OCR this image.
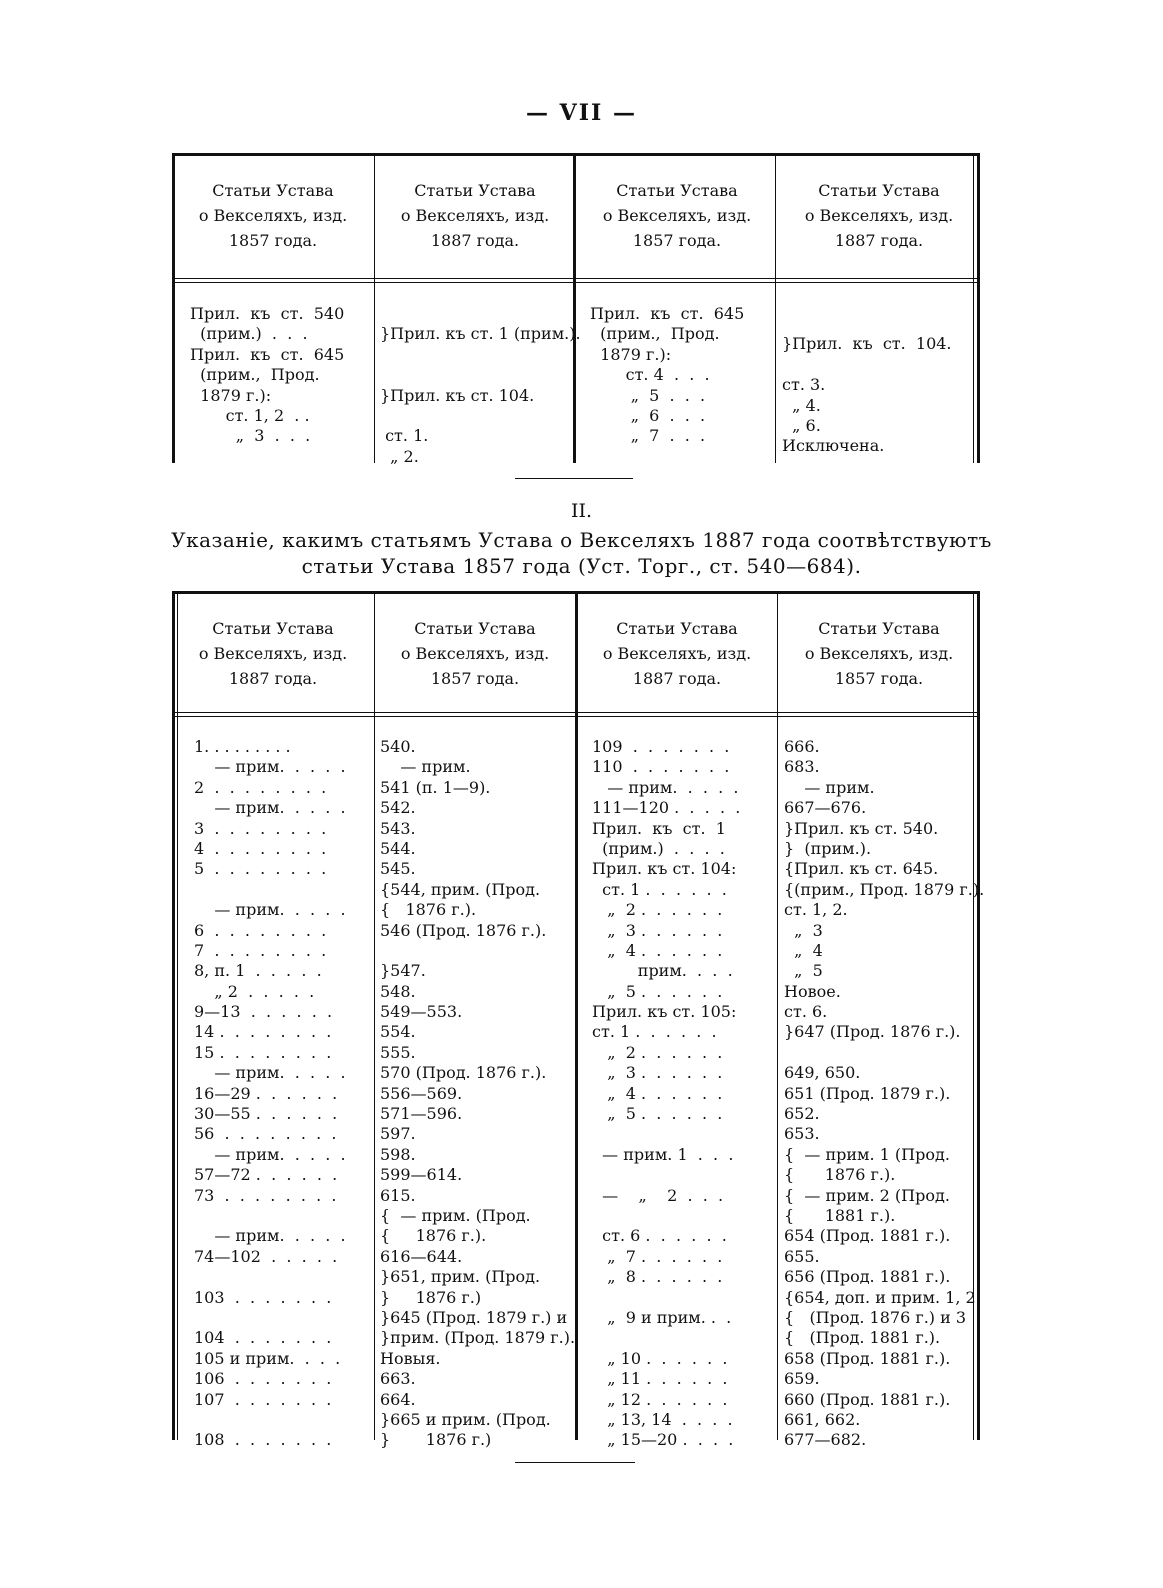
— VII —
Статьи Устава
о Векселяхъ, изд.
1857 года.
Статьи Устава
о Векселяхъ, изд.
1887 года.
Статьи Устава
о Векселяхъ, изд.
1857 года.
Статьи Устава
о Векселяхъ, изд.
1887 года.
Прил.  къ  ст.  540
(прим.)  .  .  .
Прил.  къ  ст.  645
(прим.,  Прод.
1879 г.):
ст. 1, 2  . .
„  3  .  .  .
}Прил. къ ст. 1 (прим.).
}Прил. къ ст. 104.
ст. 1.
„ 2.
Прил.  къ  ст.  645
(прим.,  Прод.
1879 г.):
ст. 4  .  .  .
„  5  .  .  .
„  6  .  .  .
„  7  .  .  .
}Прил.  къ  ст.  104.
ст. 3.
„ 4.
„ 6.
Исключена.
II.
Указаніе, какимъ статьямъ Устава о Векселяхъ 1887 года соотвѣтствуютъ
статьи Устава 1857 года (Уст. Торг., ст. 540—684).
Статьи Устава
о Векселяхъ, изд.
1887 года.
Статьи Устава
о Векселяхъ, изд.
1857 года.
Статьи Устава
о Векселяхъ, изд.
1887 года.
Статьи Устава
о Векселяхъ, изд.
1857 года.
1. . . . . . . . .
— прим.  .  .  .  .
2  .  .  .  .  .  .  .  .
— прим.  .  .  .  .
3  .  .  .  .  .  .  .  .
4  .  .  .  .  .  .  .  .
5  .  .  .  .  .  .  .  .
— прим.  .  .  .  .
6  .  .  .  .  .  .  .  .
7  .  .  .  .  .  .  .  .
8, п. 1  .  .  .  .  .
„ 2  .  .  .  .  .
9—13  .  .  .  .  .  .
14 .  .  .  .  .  .  .  .
15 .  .  .  .  .  .  .  .
— прим.  .  .  .  .
16—29 .  .  .  .  .  .
30—55 .  .  .  .  .  .
56  .  .  .  .  .  .  .  .
— прим.  .  .  .  .
57—72 .  .  .  .  .  .
73  .  .  .  .  .  .  .  .
— прим.  .  .  .  .
74—102  .  .  .  .  .
103  .  .  .  .  .  .  .
104  .  .  .  .  .  .  .
105 и прим.  .  .  .
106  .  .  .  .  .  .  .
107  .  .  .  .  .  .  .
108  .  .  .  .  .  .  .
540.
— прим.
541 (п. 1—9).
542.
543.
544.
545.
{544, прим. (Прод.
{   1876 г.).
546 (Прод. 1876 г.).
}547.
548.
549—553.
554.
555.
570 (Прод. 1876 г.).
556—569.
571—596.
597.
598.
599—614.
615.
{  — прим. (Прод.
{     1876 г.).
616—644.
}651, прим. (Прод.
}     1876 г.)
}645 (Прод. 1879 г.) и
}прим. (Прод. 1879 г.).
Новыя.
663.
664.
}665 и прим. (Прод.
}       1876 г.)
109  .  .  .  .  .  .  .
110  .  .  .  .  .  .  .
— прим.  .  .  .  .
111—120 .  .  .  .  .
Прил.  къ  ст.  1
(прим.)  .  .  .  .
Прил. къ ст. 104:
ст. 1 .  .  .  .  .  .
„  2 .  .  .  .  .  .
„  3 .  .  .  .  .  .
„  4 .  .  .  .  .  .
прим.  .  .  .
„  5 .  .  .  .  .  .
Прил. къ ст. 105:
ст. 1 .  .  .  .  .  .
„  2 .  .  .  .  .  .
„  3 .  .  .  .  .  .
„  4 .  .  .  .  .  .
„  5 .  .  .  .  .  .
— прим. 1  .  .  .
—    „    2  .  .  .
ст. 6 .  .  .  .  .  .
„  7 .  .  .  .  .  .
„  8 .  .  .  .  .  .
„  9 и прим. .  .
„ 10 .  .  .  .  .  .
„ 11 .  .  .  .  .  .
„ 12 .  .  .  .  .  .
„ 13, 14  .  .  .  .
„ 15—20 .  .  .  .
666.
683.
— прим.
667—676.
}Прил. къ ст. 540.
}  (прим.).
{Прил. къ ст. 645.
{(прим., Прод. 1879 г.).
ст. 1, 2.
„  3
„  4
„  5
Новое.
ст. 6.
}647 (Прод. 1876 г.).
649, 650.
651 (Прод. 1879 г.).
652.
653.
{  — прим. 1 (Прод.
{      1876 г.).
{  — прим. 2 (Прод.
{      1881 г.).
654 (Прод. 1881 г.).
655.
656 (Прод. 1881 г.).
{654, доп. и прим. 1, 2
{   (Прод. 1876 г.) и 3
{   (Прод. 1881 г.).
658 (Прод. 1881 г.).
659.
660 (Прод. 1881 г.).
661, 662.
677—682.
